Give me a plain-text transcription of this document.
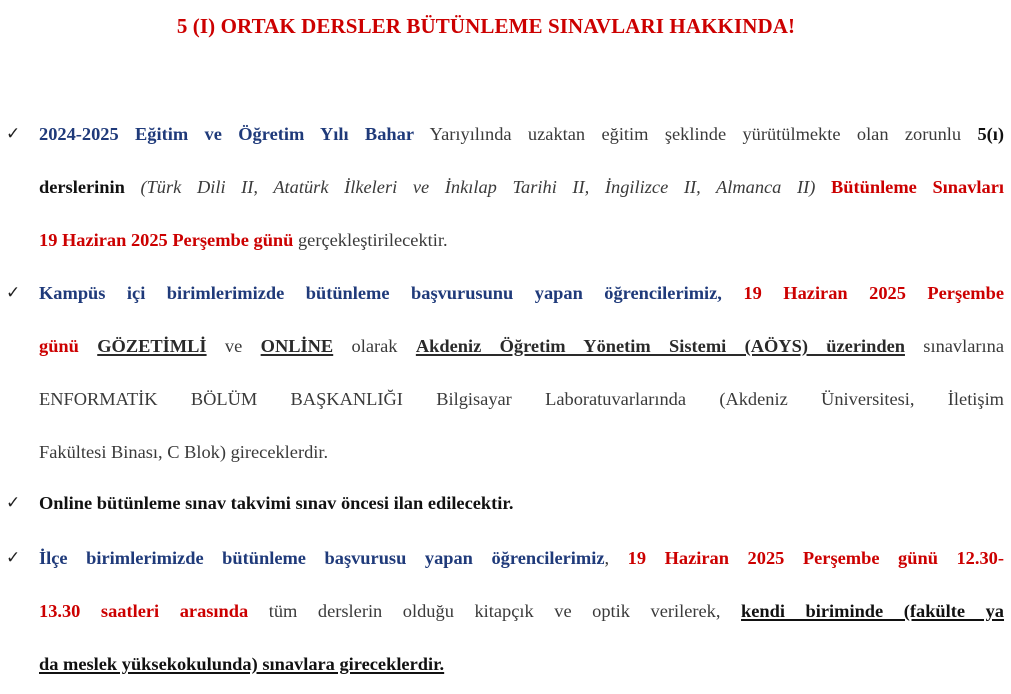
5 (I) ORTAK DERSLER BÜTÜNLEME SINAVLARI HAKKINDA!
✓ 2024-2025 Eğitim ve Öğretim Yılı Bahar Yarıyılında uzaktan eğitim şeklinde yürütülmekte olan zorunlu 5(ı)
derslerinin (Türk Dili II, Atatürk İlkeleri ve İnkılap Tarihi II, İngilizce II, Almanca II) Bütünleme Sınavları
19 Haziran 2025 Perşembe günü gerçekleştirilecektir.
✓ Kampüs içi birimlerimizde bütünleme başvurusunu yapan öğrencilerimiz, 19 Haziran 2025 Perşembe
günü GÖZETİMLİ ve ONLİNE olarak Akdeniz Öğretim Yönetim Sistemi (AÖYS) üzerinden sınavlarına
ENFORMATİK BÖLÜM BAŞKANLIĞI Bilgisayar Laboratuvarlarında (Akdeniz Üniversitesi, İletişim
Fakültesi Binası, C Blok) gireceklerdir.
✓ Online bütünleme sınav takvimi sınav öncesi ilan edilecektir.
✓ İlçe birimlerimizde bütünleme başvurusu yapan öğrencilerimiz, 19 Haziran 2025 Perşembe günü 12.30-
13.30 saatleri arasında tüm derslerin olduğu kitapçık ve optik verilerek, kendi biriminde (fakülte ya
da meslek yüksekokulunda) sınavlara gireceklerdir.
